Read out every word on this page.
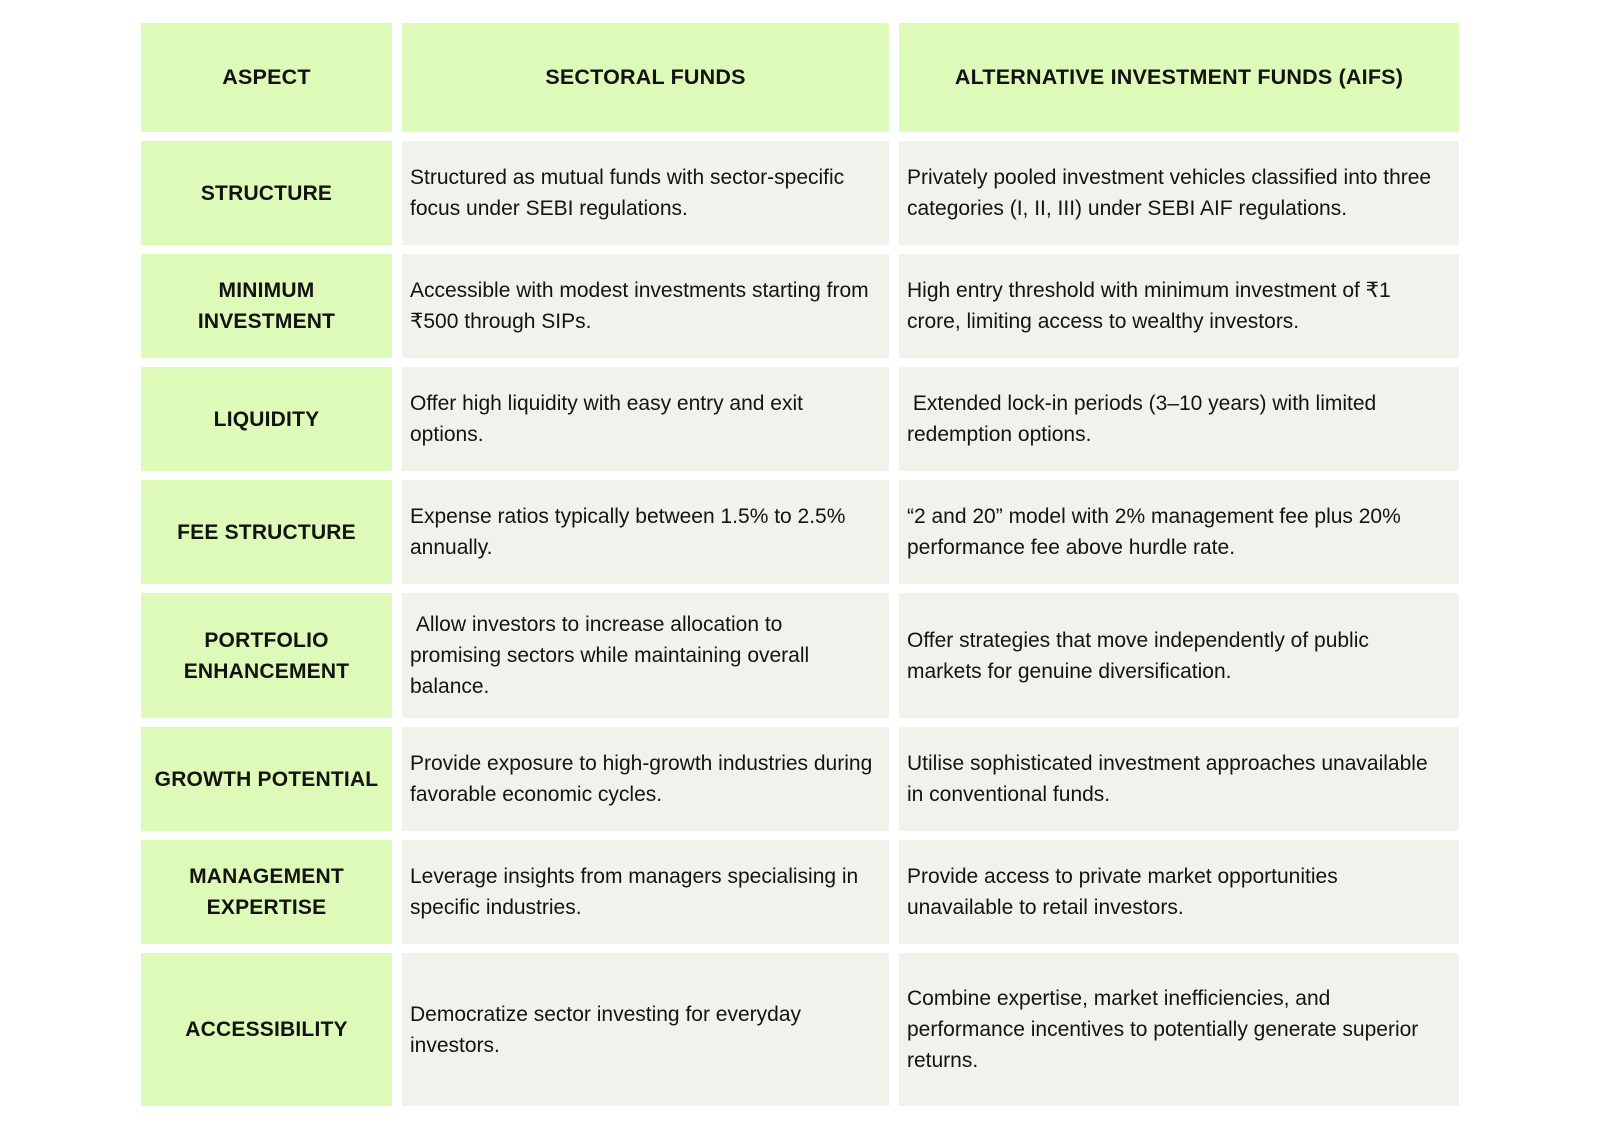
ASPECT	SECTORAL FUNDS	ALTERNATIVE INVESTMENT FUNDS (AIFS)
STRUCTURE
Structured as mutual funds with sector-specific focus under SEBI regulations.
Privately pooled investment vehicles classified into three categories (I, II, III) under SEBI AIF regulations.
MINIMUM INVESTMENT
Accessible with modest investments starting from ₹500 through SIPs.
High entry threshold with minimum investment of ₹1 crore, limiting access to wealthy investors.
LIQUIDITY
Offer high liquidity with easy entry and exit options.
Extended lock-in periods (3–10 years) with limited redemption options.
FEE STRUCTURE
Expense ratios typically between 1.5% to 2.5% annually.
“2 and 20” model with 2% management fee plus 20% performance fee above hurdle rate.
PORTFOLIO ENHANCEMENT
Allow investors to increase allocation to promising sectors while maintaining overall balance.
Offer strategies that move independently of public markets for genuine diversification.
GROWTH POTENTIAL
Provide exposure to high-growth industries during favorable economic cycles.
Utilise sophisticated investment approaches unavailable in conventional funds.
MANAGEMENT EXPERTISE
Leverage insights from managers specialising in specific industries.
Provide access to private market opportunities unavailable to retail investors.
ACCESSIBILITY
Democratize sector investing for everyday investors.
Combine expertise, market inefficiencies, and performance incentives to potentially generate superior returns.
